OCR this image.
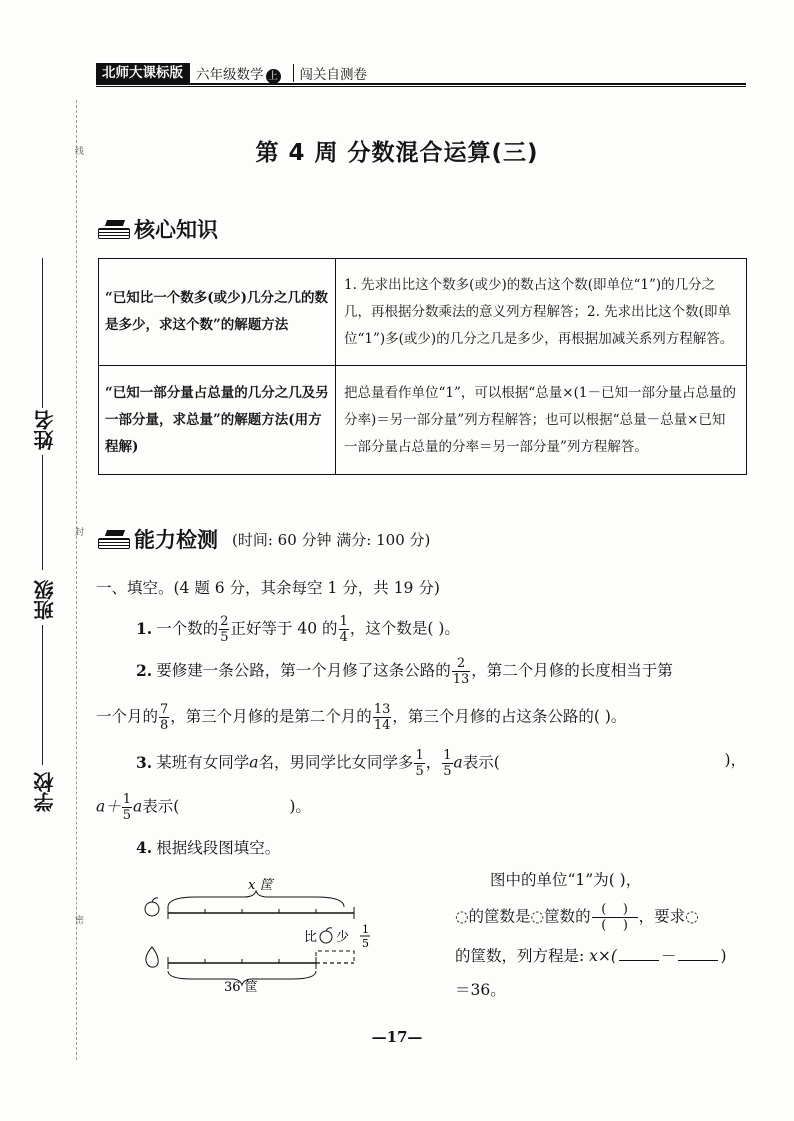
北师大课标版 六年级数学 上	闯关自测卷
线
封
密
姓名
班级
学校
第 4 周 分数混合运算(三)
核心知识
“已知比一个数多(或少)几分之几的数是多少，求这个数”的解题方法	1. 先求出比这个数多(或少)的数占这个数(即单位“1”)的几分之几，再根据分数乘法的意义列方程解答；2. 先求出比这个数(即单位“1”)多(或少)的几分之几是多少，再根据加减关系列方程解答。
“已知一部分量占总量的几分之几及另一部分量，求总量”的解题方法(用方程解)	把总量看作单位“1”，可以根据“总量×(1－已知一部分量占总量的分率)＝另一部分量”列方程解答；也可以根据“总量－总量×已知一部分量占总量的分率＝另一部分量”列方程解答。
能力检测 (时间: 60 分钟 满分: 100 分)
一、填空。(4 题 6 分，其余每空 1 分，共 19 分)
1. 一个数的 $\frac{2}{5}$ 正好等于 40 的 $\frac{1}{4}$ ，这个数是( )。
2. 要修建一条公路，第一个月修了这条公路的 $\frac{2}{13}$ ，第二个月修的长度相当于第
一个月的 $\frac{7}{8}$ ，第三个月修的是第二个月的 $\frac{13}{14}$ ，第三个月修的占这条公路的( )。
3. 某班有女同学a名，男同学比女同学多 $\frac{1}{5}$ ， $\frac{1}{5}$ a表示(	)，
$a+ \frac{1}{5}$ a表示(	)。
4. 根据线段图填空。
x 筐
比 少
1
5
36 筐
图中的单位“1”为( )，
◌的筐数是◌筐数的 $\frac{( )}{( )}$ ，要求◌
的筐数，列方程是: x×(	－	)
＝36。
—17—
